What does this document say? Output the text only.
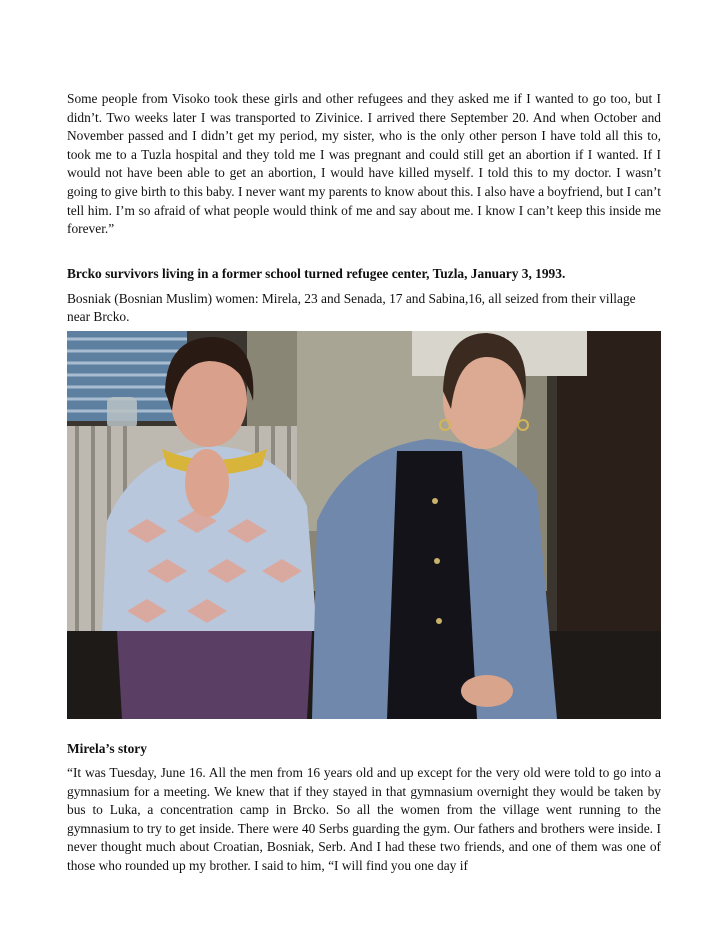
Some people from Visoko took these girls and other refugees and they asked me if I wanted to go too, but I didn’t. Two weeks later I was transported to Zivinice. I arrived there September 20. And when October and November passed and I didn’t get my period, my sister, who is the only other person I have told all this to, took me to a Tuzla hospital and they told me I was pregnant and could still get an abortion if I wanted. If I would not have been able to get an abortion, I would have killed myself. I told this to my doctor. I wasn’t going to give birth to this baby. I never want my parents to know about this. I also have a boyfriend, but I can’t tell him. I’m so afraid of what people would think of me and say about me. I know I can’t keep this inside me forever.”

Brcko survivors living in a former school turned refugee center, Tuzla, January 3, 1993.

Bosniak (Bosnian Muslim) women: Mirela, 23 and Senada, 17 and Sabina,16, all seized from their village near Brcko.

Mirela’s story

“It was Tuesday, June 16. All the men from 16 years old and up except for the very old were told to go into a gymnasium for a meeting. We knew that if they stayed in that gymnasium overnight they would be taken by bus to Luka, a concentration camp in Brcko. So all the women from the village went running to the gymnasium to try to get inside. There were 40 Serbs guarding the gym. Our fathers and brothers were inside. I never thought much about Croatian, Bosniak, Serb. And I had these two friends, and one of them was one of those who rounded up my brother. I said to him, “I will find you one day if
